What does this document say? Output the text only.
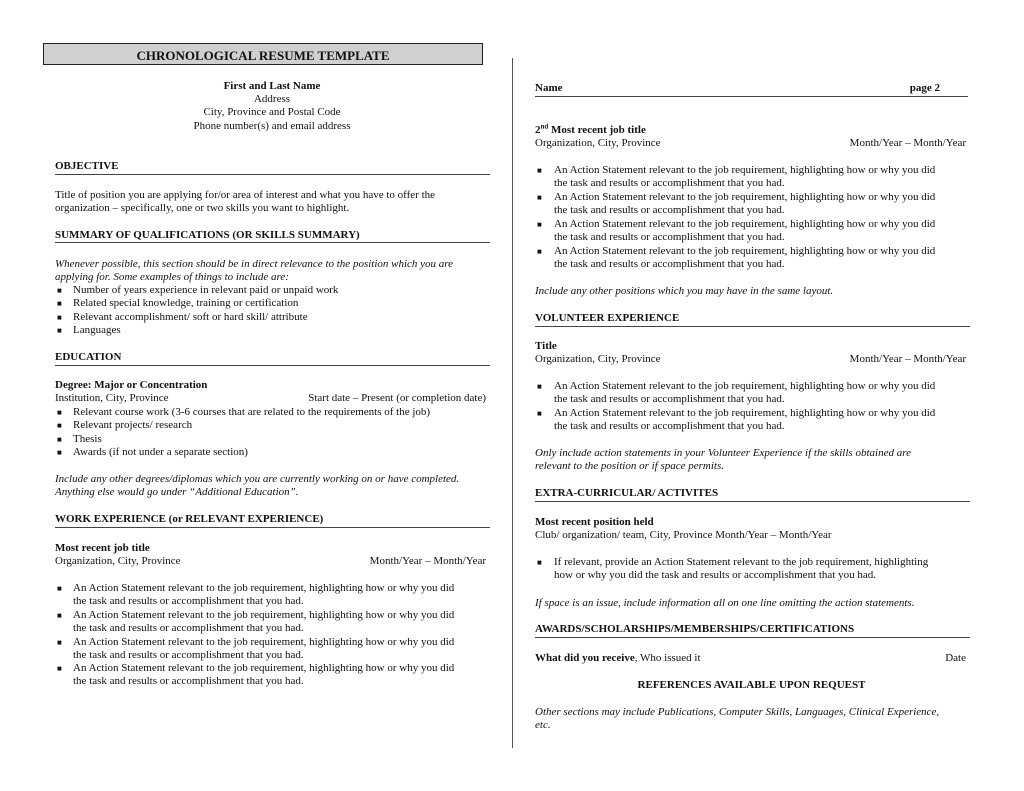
CHRONOLOGICAL RESUME TEMPLATE
First and Last Name
Address
City, Province and Postal Code
Phone number(s) and email address
OBJECTIVE
Title of position you are applying for/or area of interest and what you have to offer the
organization – specifically, one or two skills you want to highlight.
SUMMARY OF QUALIFICATIONS (OR SKILLS SUMMARY)
Whenever possible, this section should be in direct relevance to the position which you are
applying for. Some examples of things to include are:
■ Number of years experience in relevant paid or unpaid work
■ Related special knowledge, training or certification
■ Relevant accomplishment/ soft or hard skill/ attribute
■ Languages
EDUCATION
Degree: Major or Concentration
Institution, City, Province	Start date – Present (or completion date)
■ Relevant course work (3-6 courses that are related to the requirements of the job)
■ Relevant projects/ research
■ Thesis
■ Awards (if not under a separate section)
Include any other degrees/diplomas which you are currently working on or have completed.
Anything else would go under “Additional Education”.
WORK EXPERIENCE (or RELEVANT EXPERIENCE)
Most recent job title
Organization, City, Province	Month/Year – Month/Year
■ An Action Statement relevant to the job requirement, highlighting how or why you did
the task and results or accomplishment that you had.
■ An Action Statement relevant to the job requirement, highlighting how or why you did
the task and results or accomplishment that you had.
■ An Action Statement relevant to the job requirement, highlighting how or why you did
the task and results or accomplishment that you had.
■ An Action Statement relevant to the job requirement, highlighting how or why you did
the task and results or accomplishment that you had.
Name	page 2
2nd Most recent job title
Organization, City, Province	Month/Year – Month/Year
■ An Action Statement relevant to the job requirement, highlighting how or why you did
the task and results or accomplishment that you had.
■ An Action Statement relevant to the job requirement, highlighting how or why you did
the task and results or accomplishment that you had.
■ An Action Statement relevant to the job requirement, highlighting how or why you did
the task and results or accomplishment that you had.
■ An Action Statement relevant to the job requirement, highlighting how or why you did
the task and results or accomplishment that you had.
Include any other positions which you may have in the same layout.
VOLUNTEER EXPERIENCE
Title
Organization, City, Province	Month/Year – Month/Year
■ An Action Statement relevant to the job requirement, highlighting how or why you did
the task and results or accomplishment that you had.
■ An Action Statement relevant to the job requirement, highlighting how or why you did
the task and results or accomplishment that you had.
Only include action statements in your Volunteer Experience if the skills obtained are
relevant to the position or if space permits.
EXTRA-CURRICULAR/ ACTIVITES
Most recent position held
Club/ organization/ team, City, Province Month/Year – Month/Year
■ If relevant, provide an Action Statement relevant to the job requirement, highlighting
how or why you did the task and results or accomplishment that you had.
If space is an issue, include information all on one line omitting the action statements.
AWARDS/SCHOLARSHIPS/MEMBERSHIPS/CERTIFICATIONS
What did you receive, Who issued it	Date
REFERENCES AVAILABLE UPON REQUEST
Other sections may include Publications, Computer Skills, Languages, Clinical Experience,
etc.
